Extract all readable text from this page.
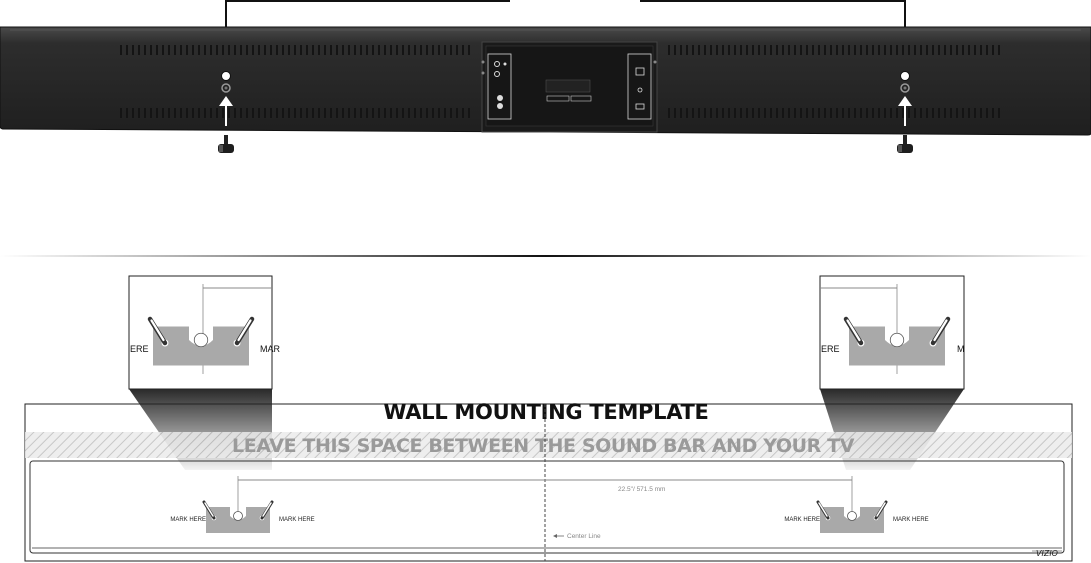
WALL MOUNTING TEMPLATE
LEAVE THIS SPACE BETWEEN THE SOUND BAR AND YOUR TV
Center Line
22.5"/ 571.5 mm
VIZIO
MARK HERE	MARK HERE	MARK HERE	MARK HERE
ERE	MAR	ERE	M
